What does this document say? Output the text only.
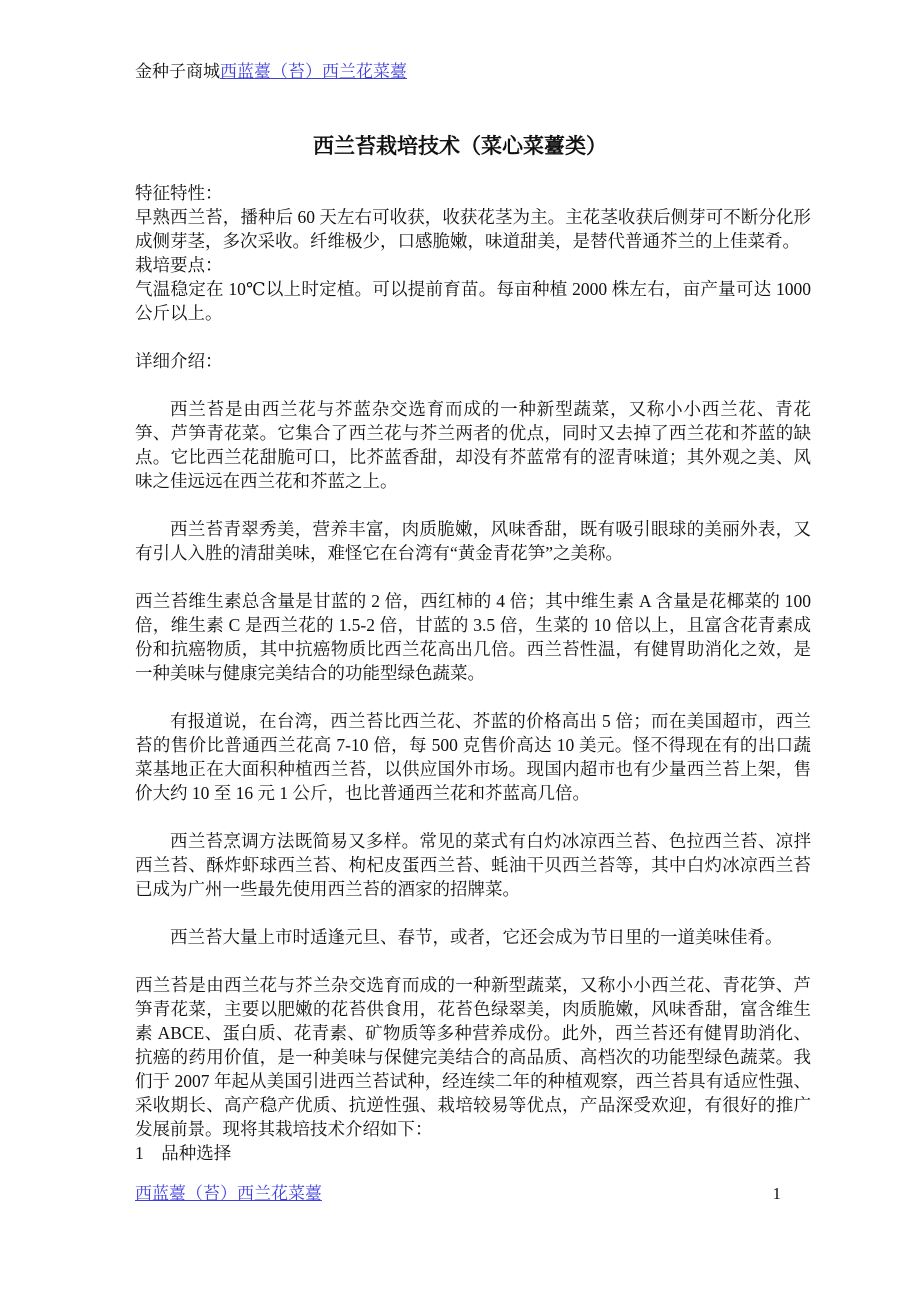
金种子商城西蓝薹（苔）西兰花菜薹
西兰苔栽培技术（菜心菜薹类）

特征特性：

早熟西兰苔，播种后 60 天左右可收获，收获花茎为主。主花茎收获后侧芽可不断分化形成侧芽茎，多次采收。纤维极少，口感脆嫩，味道甜美，是替代普通芥兰的上佳菜肴。

栽培要点：

气温稳定在 10℃以上时定植。可以提前育苗。每亩种植 2000 株左右，亩产量可达 1000 公斤以上。

详细介绍：

西兰苔是由西兰花与芥蓝杂交选育而成的一种新型蔬菜，又称小小西兰花、青花笋、芦笋青花菜。它集合了西兰花与芥兰两者的优点，同时又去掉了西兰花和芥蓝的缺点。它比西兰花甜脆可口，比芥蓝香甜，却没有芥蓝常有的涩青味道；其外观之美、风味之佳远远在西兰花和芥蓝之上。

西兰苔青翠秀美，营养丰富，肉质脆嫩，风味香甜，既有吸引眼球的美丽外表，又有引人入胜的清甜美味，难怪它在台湾有“黄金青花笋”之美称。

西兰苔维生素总含量是甘蓝的 2 倍，西红柿的 4 倍；其中维生素 A 含量是花椰菜的 100 倍，维生素 C 是西兰花的 1.5-2 倍，甘蓝的 3.5 倍，生菜的 10 倍以上，且富含花青素成份和抗癌物质，其中抗癌物质比西兰花高出几倍。西兰苔性温，有健胃助消化之效，是一种美味与健康完美结合的功能型绿色蔬菜。

有报道说，在台湾，西兰苔比西兰花、芥蓝的价格高出 5 倍；而在美国超市，西兰苔的售价比普通西兰花高 7-10 倍，每 500 克售价高达 10 美元。怪不得现在有的出口蔬菜基地正在大面积种植西兰苔，以供应国外市场。现国内超市也有少量西兰苔上架，售价大约 10 至 16 元 1 公斤，也比普通西兰花和芥蓝高几倍。

西兰苔烹调方法既简易又多样。常见的菜式有白灼冰凉西兰苔、色拉西兰苔、凉拌西兰苔、酥炸虾球西兰苔、枸杞皮蛋西兰苔、蚝油干贝西兰苔等，其中白灼冰凉西兰苔已成为广州一些最先使用西兰苔的酒家的招牌菜。

西兰苔大量上市时适逢元旦、春节，或者，它还会成为节日里的一道美味佳肴。

西兰苔是由西兰花与芥兰杂交选育而成的一种新型蔬菜，又称小小西兰花、青花笋、芦笋青花菜，主要以肥嫩的花苔供食用，花苔色绿翠美，肉质脆嫩，风味香甜，富含维生素 ABCE、蛋白质、花青素、矿物质等多种营养成份。此外，西兰苔还有健胃助消化、抗癌的药用价值，是一种美味与保健完美结合的高品质、高档次的功能型绿色蔬菜。我们于 2007 年起从美国引进西兰苔试种，经连续二年的种植观察，西兰苔具有适应性强、采收期长、高产稳产优质、抗逆性强、栽培较易等优点，产品深受欢迎，有很好的推广发展前景。现将其栽培技术介绍如下：

1　品种选择

西蓝薹（苔）西兰花菜薹	1
